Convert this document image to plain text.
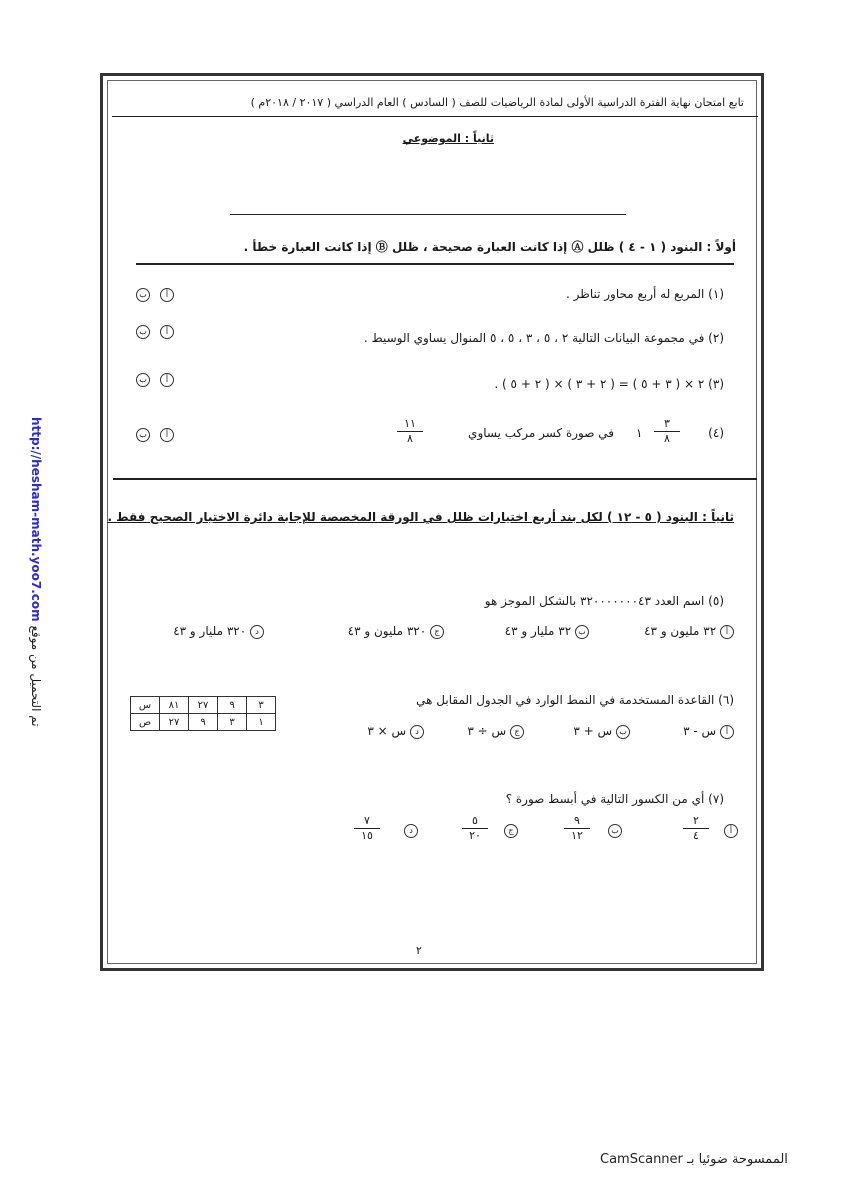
تابع امتحان نهاية الفترة الدراسية الأولى لمادة الرياضيات للصف ( السادس ) العام الدراسي ( ٢٠١٧ / ٢٠١٨م )
ثانياً : الموضوعي
أولاً : البنود ( ١ - ٤ ) ظلل Ⓐ إذا كانت العبارة صحيحة ، ظلل Ⓑ إذا كانت العبارة خطأ .
(١) المربع له أربع محاور تناظر .
ب	أ
(٢) في مجموعة البيانات التالية ٢ ، ٥ ، ٣ ، ٥ ، ٥ المنوال يساوي الوسيط .
ب	أ
(٣) ٢ × ( ٣ + ٥ ) = ( ٢ + ٣ ) × ( ٢ + ٥ ) .
ب	أ
(٤)
٣
٨
١
في صورة كسر مركب يساوي
١١
٨
ب	أ
ثانياً : البنود ( ٥ - ١٢ ) لكل بند أربع اختيارات ظلل في الورقة المخصصة للإجابة دائرة الاختيار الصحيح فقط .
(٥) اسم العدد ٣٢٠٠٠٠٠٠٠٤٣ بالشكل الموجز هو
أ ٣٢ مليون و ٤٣
ب ٣٢ مليار و ٤٣
ج ٣٢٠ مليون و ٤٣
د ٣٢٠ مليار و ٤٣
(٦) القاعدة المستخدمة في النمط الوارد في الجدول المقابل هي
٣	٩	٢٧	٨١	س
١	٣	٩	٢٧	ص
أ س - ٣
ب س + ٣
ج س ÷ ٣
د س × ٣
(٧) أي من الكسور التالية في أبسط صورة ؟
أ
٢
٤
ب
٩
١٢
ج
٥
٢٠
د
٧
١٥
٢
http://hesham-math.yoo7.com تم التحميل من موقع
الممسوحة ضوئيا بـ CamScanner
